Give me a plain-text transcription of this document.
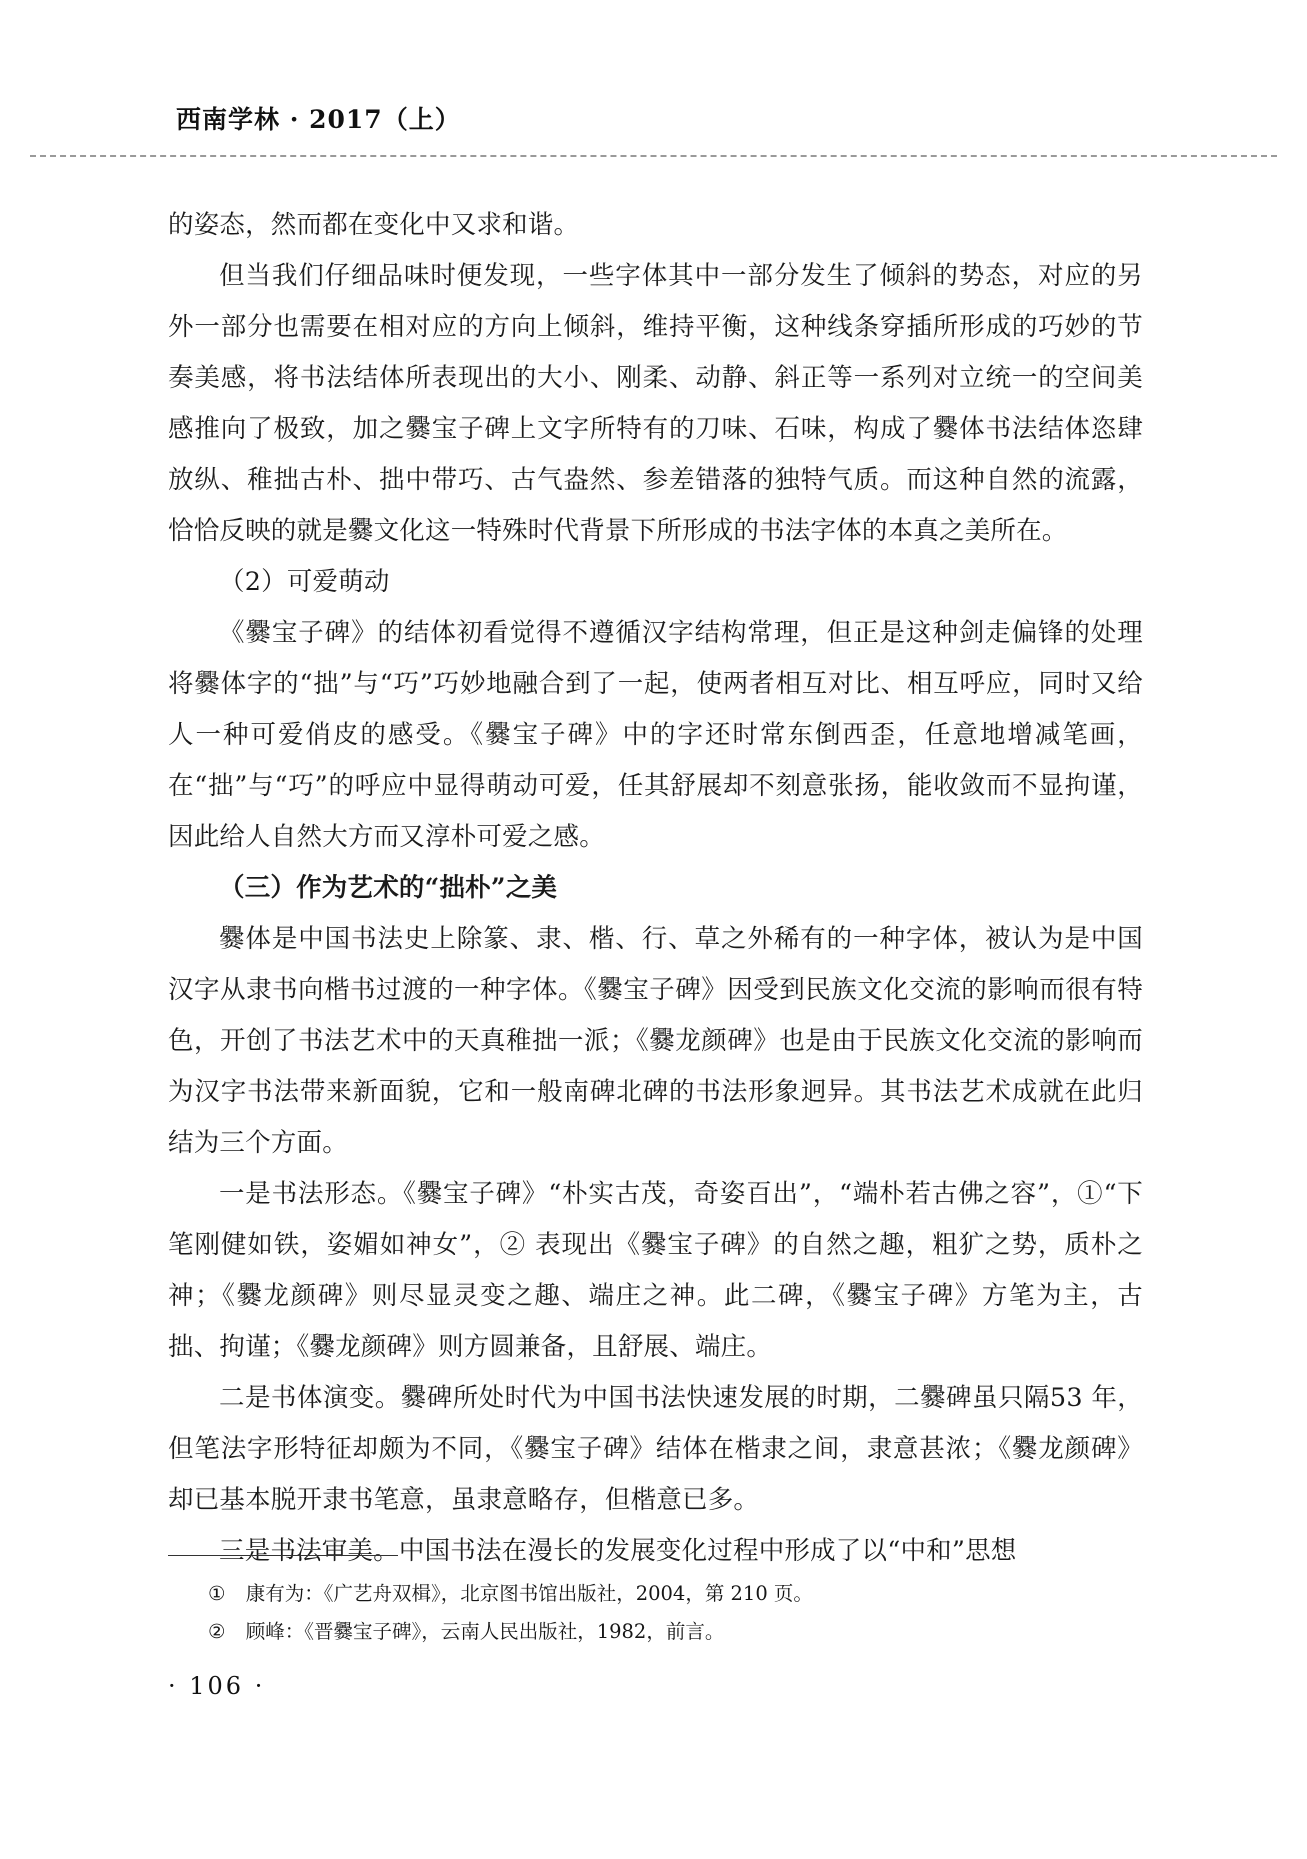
西南学林 · 2017（上）

的姿态，然而都在变化中又求和谐。

但当我们仔细品味时便发现，一些字体其中一部分发生了倾斜的势态，对应的另外一部分也需要在相对应的方向上倾斜，维持平衡，这种线条穿插所形成的巧妙的节奏美感，将书法结体所表现出的大小、刚柔、动静、斜正等一系列对立统一的空间美感推向了极致，加之爨宝子碑上文字所特有的刀味、石味，构成了爨体书法结体恣肆放纵、稚拙古朴、拙中带巧、古气盎然、参差错落的独特气质。而这种自然的流露，恰恰反映的就是爨文化这一特殊时代背景下所形成的书法字体的本真之美所在。

（2）可爱萌动

《爨宝子碑》的结体初看觉得不遵循汉字结构常理，但正是这种剑走偏锋的处理将爨体字的“拙”与“巧”巧妙地融合到了一起，使两者相互对比、相互呼应，同时又给人一种可爱俏皮的感受。《爨宝子碑》中的字还时常东倒西歪，任意地增减笔画，在“拙”与“巧”的呼应中显得萌动可爱，任其舒展却不刻意张扬，能收敛而不显拘谨，因此给人自然大方而又淳朴可爱之感。

（三）作为艺术的“拙朴”之美

爨体是中国书法史上除篆、隶、楷、行、草之外稀有的一种字体，被认为是中国汉字从隶书向楷书过渡的一种字体。《爨宝子碑》因受到民族文化交流的影响而很有特色，开创了书法艺术中的天真稚拙一派；《爨龙颜碑》也是由于民族文化交流的影响而为汉字书法带来新面貌，它和一般南碑北碑的书法形象迥异。其书法艺术成就在此归结为三个方面。

一是书法形态。《爨宝子碑》“朴实古茂，奇姿百出”，“端朴若古佛之容”，①“下笔刚健如铁，姿媚如神女”，② 表现出《爨宝子碑》的自然之趣，粗犷之势，质朴之神；《爨龙颜碑》则尽显灵变之趣、端庄之神。此二碑，《爨宝子碑》方笔为主，古拙、拘谨；《爨龙颜碑》则方圆兼备，且舒展、端庄。

二是书体演变。爨碑所处时代为中国书法快速发展的时期，二爨碑虽只隔53 年，但笔法字形特征却颇为不同，《爨宝子碑》结体在楷隶之间，隶意甚浓；《爨龙颜碑》却已基本脱开隶书笔意，虽隶意略存，但楷意已多。

三是书法审美。中国书法在漫长的发展变化过程中形成了以“中和”思想

① 康有为：《广艺舟双楫》，北京图书馆出版社，2004，第 210 页。

② 顾峰：《晋爨宝子碑》，云南人民出版社，1982，前言。

· 106 ·
